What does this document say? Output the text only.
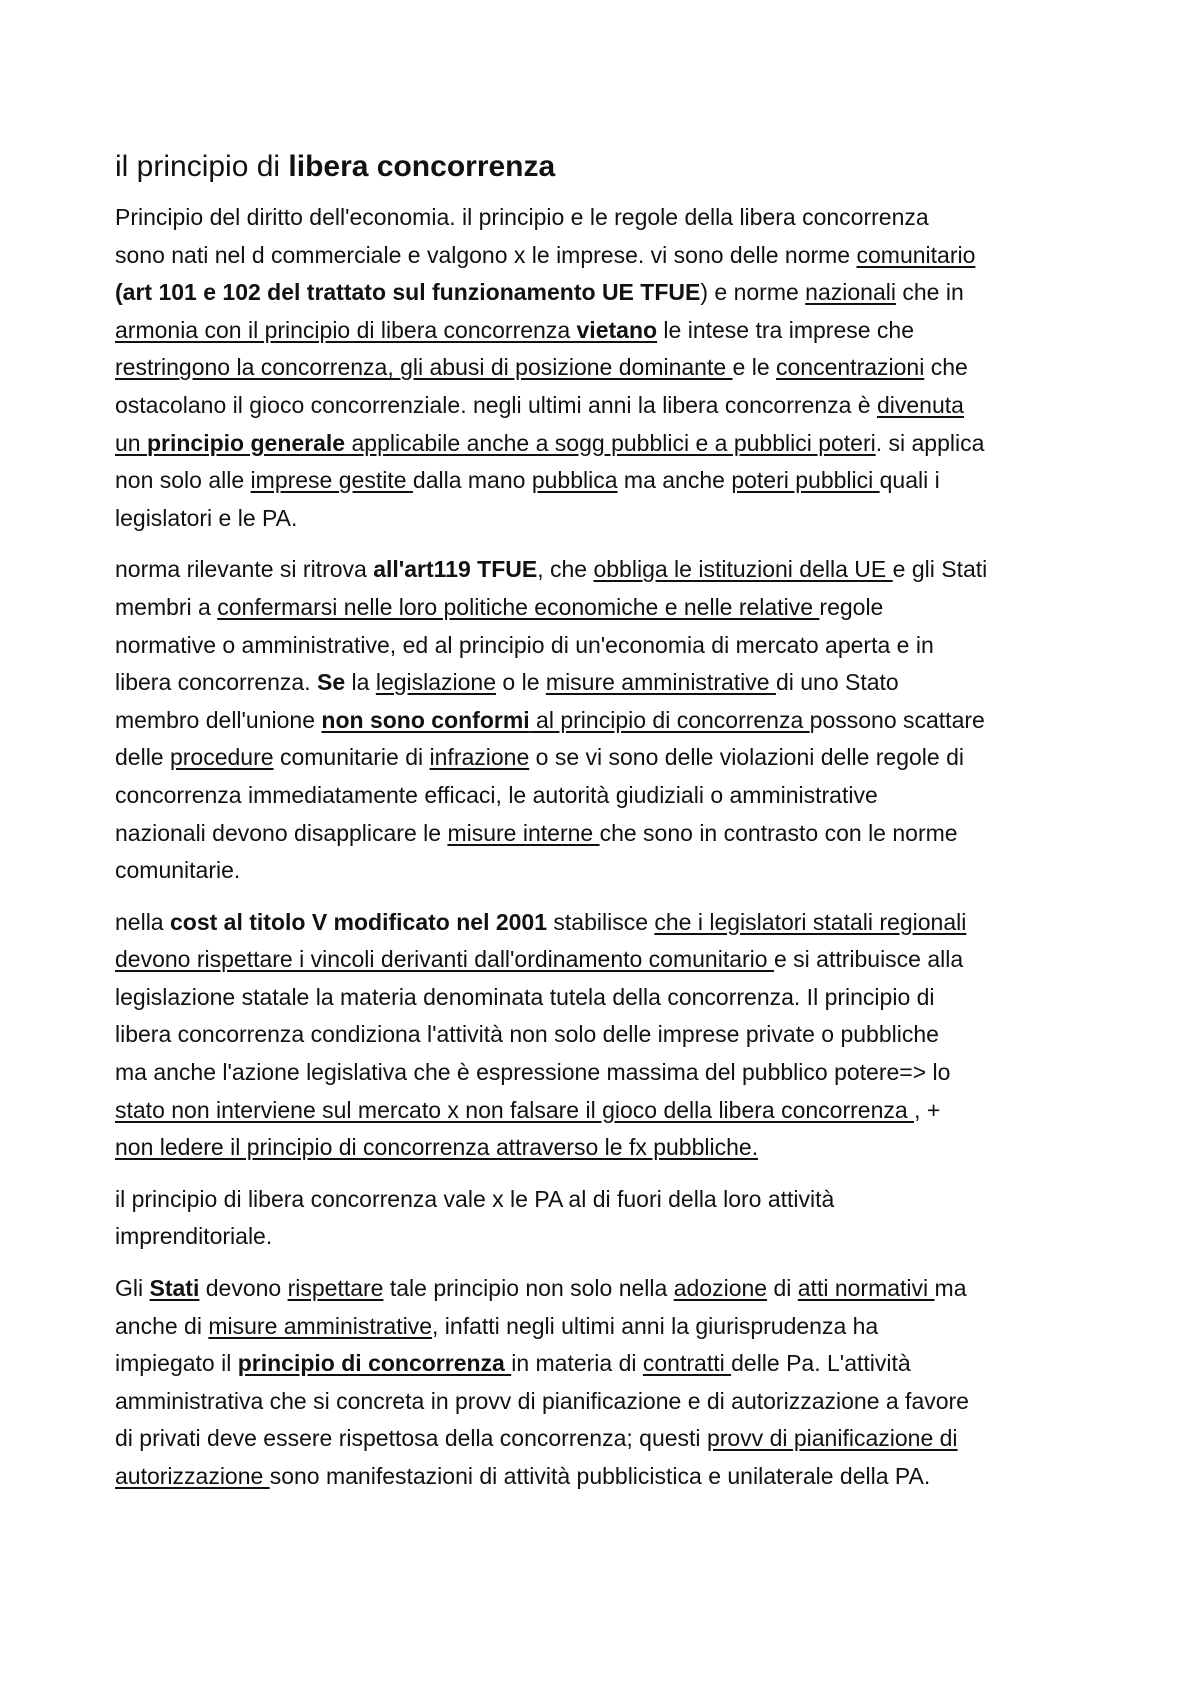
il principio di libera concorrenza

Principio del diritto dell'economia. il principio e le regole della libera concorrenza
sono nati nel d commerciale e valgono x le imprese. vi sono delle norme comunitario
(art 101 e 102 del trattato sul funzionamento UE TFUE) e norme nazionali che in
armonia con il principio di libera concorrenza vietano le intese tra imprese che
restringono la concorrenza, gli abusi di posizione dominante e le concentrazioni che
ostacolano il gioco concorrenziale. negli ultimi anni la libera concorrenza è divenuta
un principio generale applicabile anche a sogg pubblici e a pubblici poteri. si applica
non solo alle imprese gestite dalla mano pubblica ma anche poteri pubblici quali i
legislatori e le PA.

norma rilevante si ritrova all'art119 TFUE, che obbliga le istituzioni della UE e gli Stati
membri a confermarsi nelle loro politiche economiche e nelle relative regole
normative o amministrative, ed al principio di un'economia di mercato aperta e in
libera concorrenza. Se la legislazione o le misure amministrative di uno Stato
membro dell'unione non sono conformi al principio di concorrenza possono scattare
delle procedure comunitarie di infrazione o se vi sono delle violazioni delle regole di
concorrenza immediatamente efficaci, le autorità giudiziali o amministrative
nazionali devono disapplicare le misure interne che sono in contrasto con le norme
comunitarie.

nella cost al titolo V modificato nel 2001 stabilisce che i legislatori statali regionali
devono rispettare i vincoli derivanti dall'ordinamento comunitario e si attribuisce alla
legislazione statale la materia denominata tutela della concorrenza. Il principio di
libera concorrenza condiziona l'attività non solo delle imprese private o pubbliche
ma anche l'azione legislativa che è espressione massima del pubblico potere=> lo
stato non interviene sul mercato x non falsare il gioco della libera concorrenza , +
non ledere il principio di concorrenza attraverso le fx pubbliche.

il principio di libera concorrenza vale x le PA al di fuori della loro attività
imprenditoriale.

Gli Stati devono rispettare tale principio non solo nella adozione di atti normativi ma
anche di misure amministrative, infatti negli ultimi anni la giurisprudenza ha
impiegato il principio di concorrenza in materia di contratti delle Pa. L'attività
amministrativa che si concreta in provv di pianificazione e di autorizzazione a favore
di privati deve essere rispettosa della concorrenza; questi provv di pianificazione di
autorizzazione sono manifestazioni di attività pubblicistica e unilaterale della PA.
